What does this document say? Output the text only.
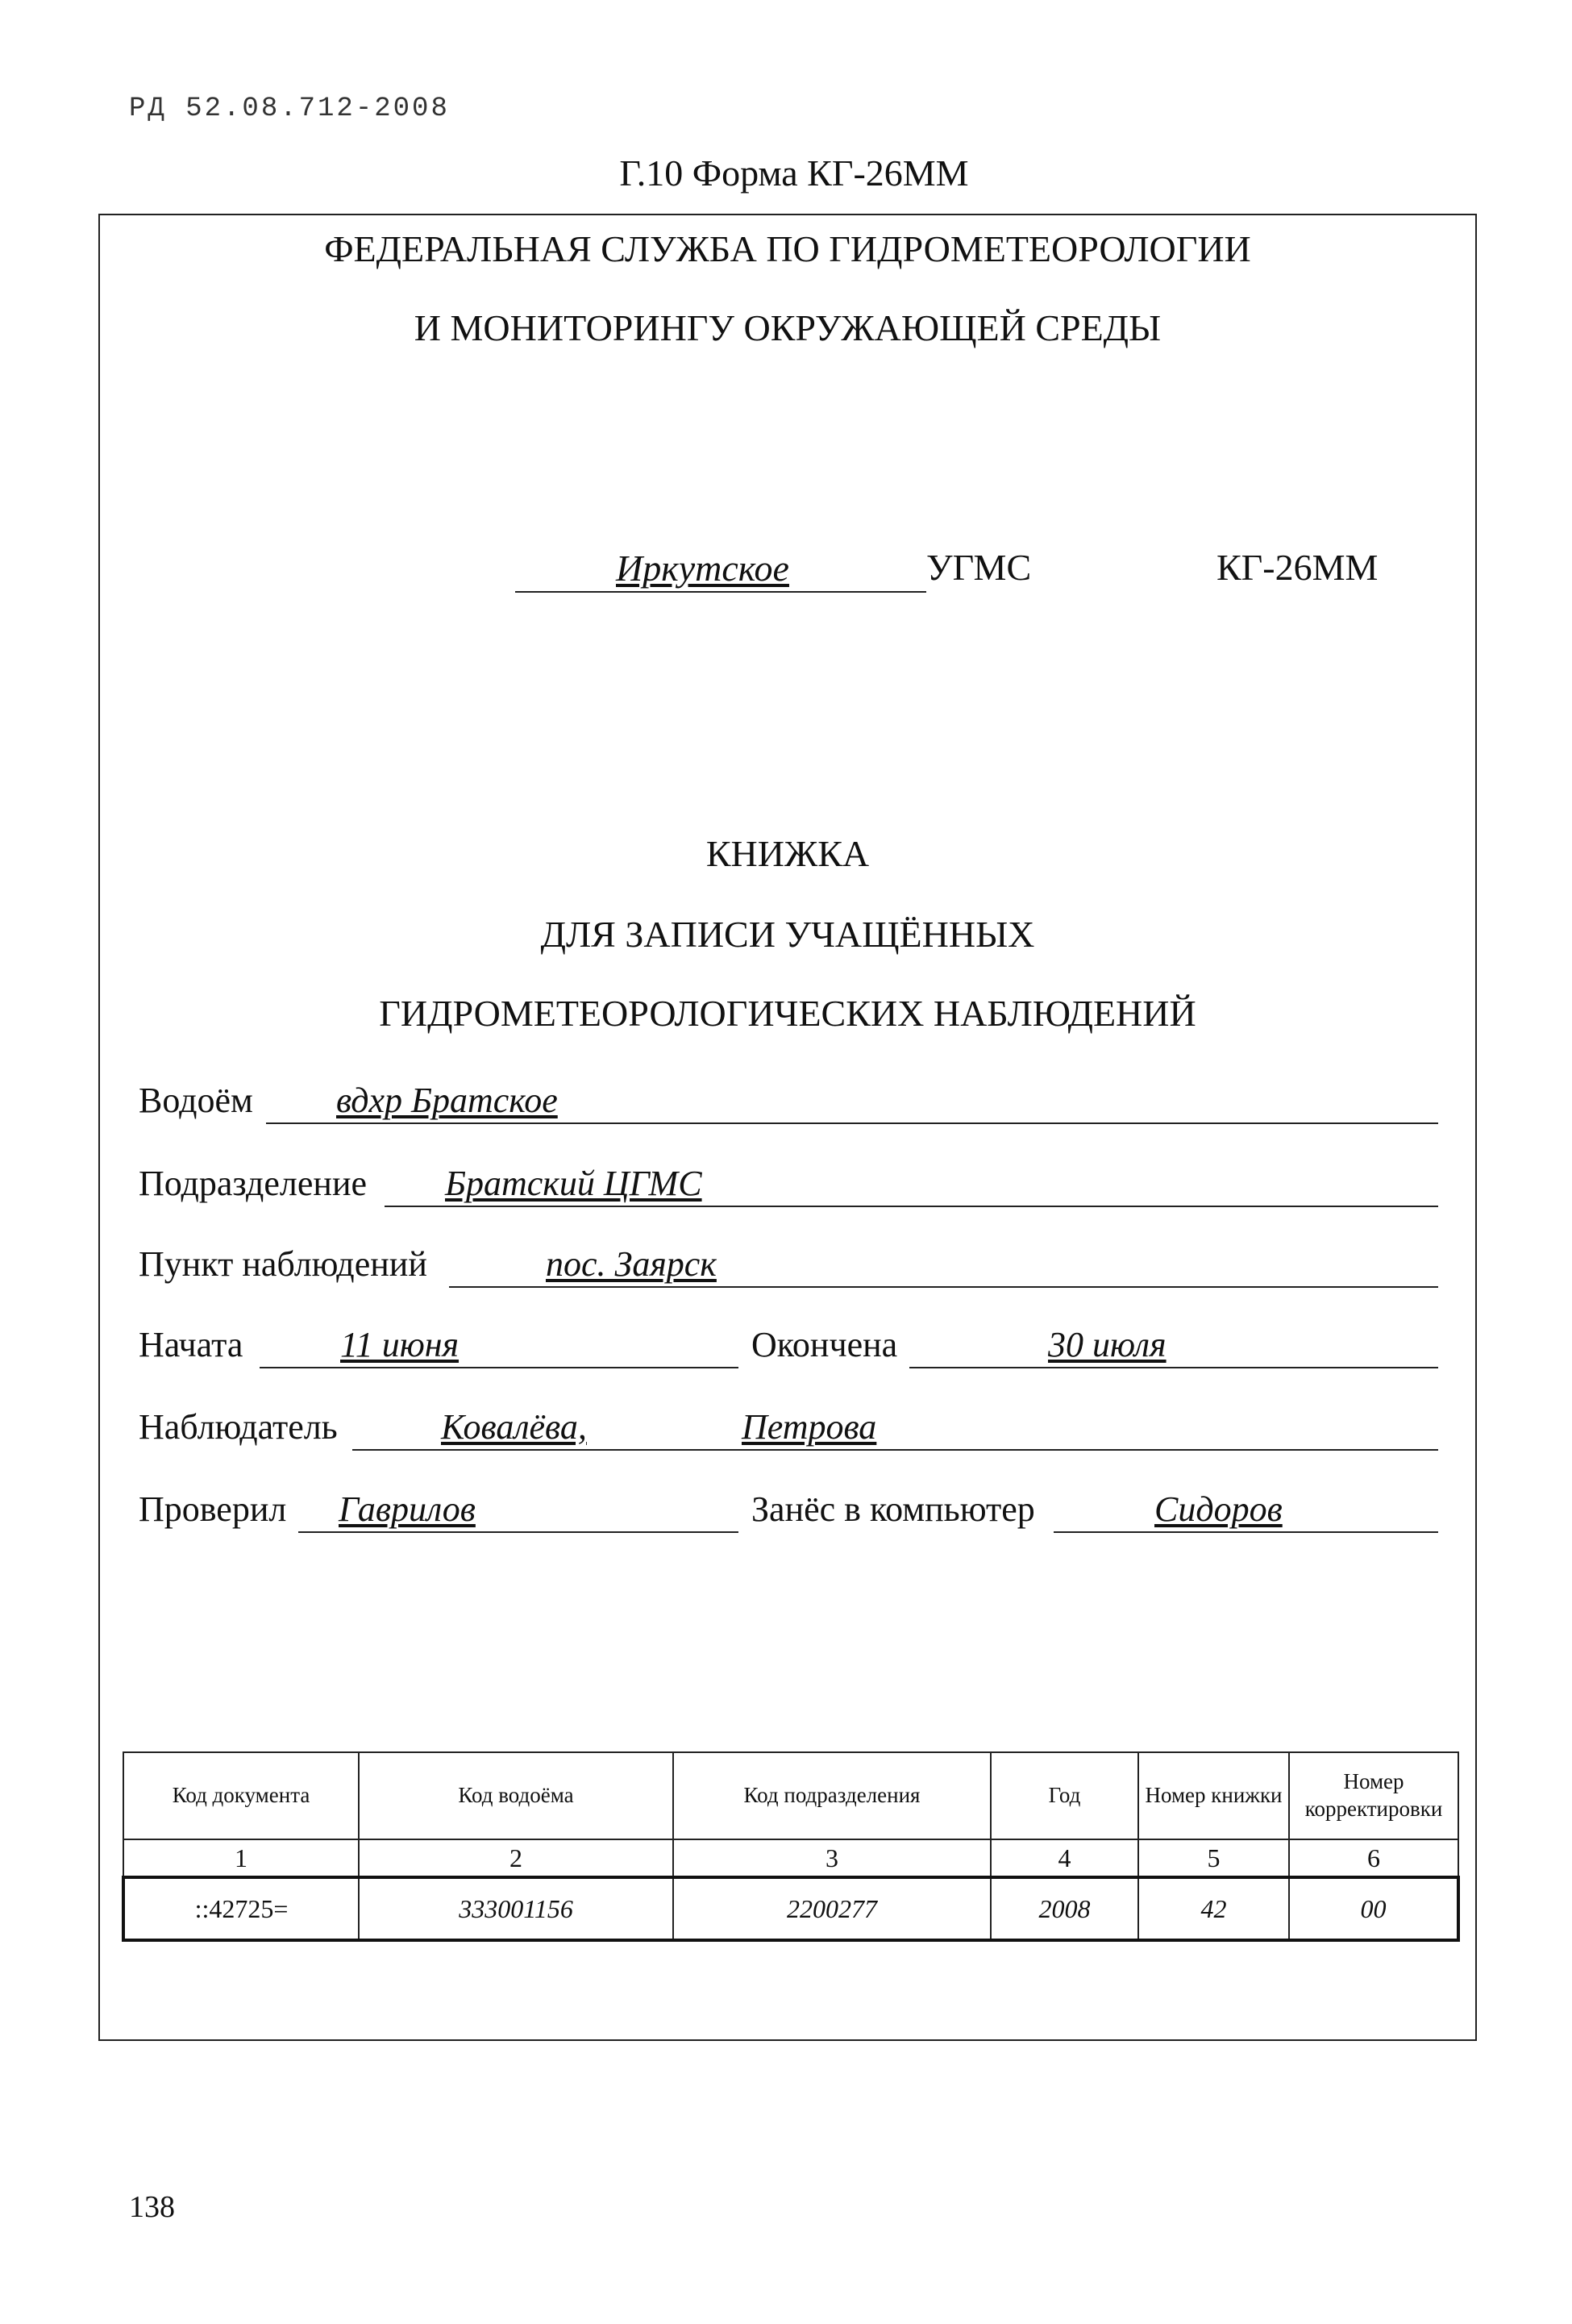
РД 52.08.712-2008
Г.10 Форма КГ-26ММ
ФЕДЕРАЛЬНАЯ СЛУЖБА ПО ГИДРОМЕТЕОРОЛОГИИ
И МОНИТОРИНГУ ОКРУЖАЮЩЕЙ СРЕДЫ
Иркутское	УГМС	КГ-26ММ
КНИЖКА
ДЛЯ ЗАПИСИ УЧАЩЁННЫХ
ГИДРОМЕТЕОРОЛОГИЧЕСКИХ НАБЛЮДЕНИЙ
Водоём вдхр Братское
Подразделение Братский ЦГМС
Пункт наблюдений	пос. Заярск
Начата	11 июня	Окончена	30 июля
Наблюдатель	Ковалёва,	Петрова
Проверил Гаврилов	Занёс в компьютер	Сидоров
Код документа	Код водоёма	Код подразделения	Год	Номер книжки	Номер корректировки
1	2	3	4	5	6
::42725=	333001156	2200277	2008	42	00
138
